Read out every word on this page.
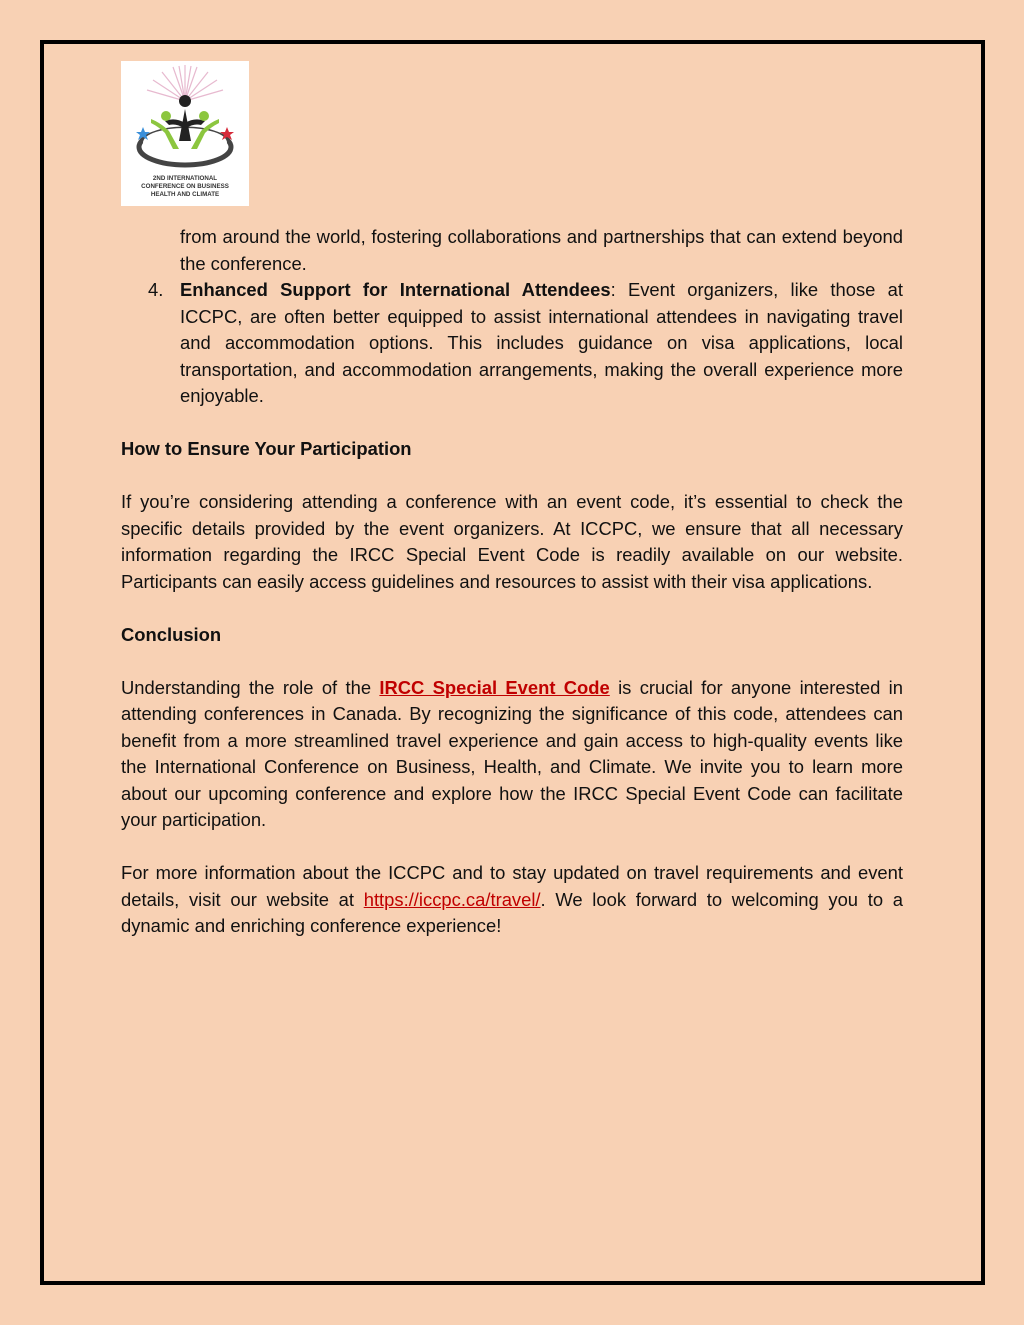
2ND INTERNATIONAL
CONFERENCE ON BUSINESS
HEALTH AND CLIMATE

from around the world, fostering collaborations and partnerships that can extend beyond the conference.

4. Enhanced Support for International Attendees: Event organizers, like those at ICCPC, are often better equipped to assist international attendees in navigating travel and accommodation options. This includes guidance on visa applications, local transportation, and accommodation arrangements, making the overall experience more enjoyable.

How to Ensure Your Participation

If you’re considering attending a conference with an event code, it’s essential to check the specific details provided by the event organizers. At ICCPC, we ensure that all necessary information regarding the IRCC Special Event Code is readily available on our website. Participants can easily access guidelines and resources to assist with their visa applications.

Conclusion

Understanding the role of the IRCC Special Event Code is crucial for anyone interested in attending conferences in Canada. By recognizing the significance of this code, attendees can benefit from a more streamlined travel experience and gain access to high-quality events like the International Conference on Business, Health, and Climate. We invite you to learn more about our upcoming conference and explore how the IRCC Special Event Code can facilitate your participation.

For more information about the ICCPC and to stay updated on travel requirements and event details, visit our website at https://iccpc.ca/travel/. We look forward to welcoming you to a dynamic and enriching conference experience!
